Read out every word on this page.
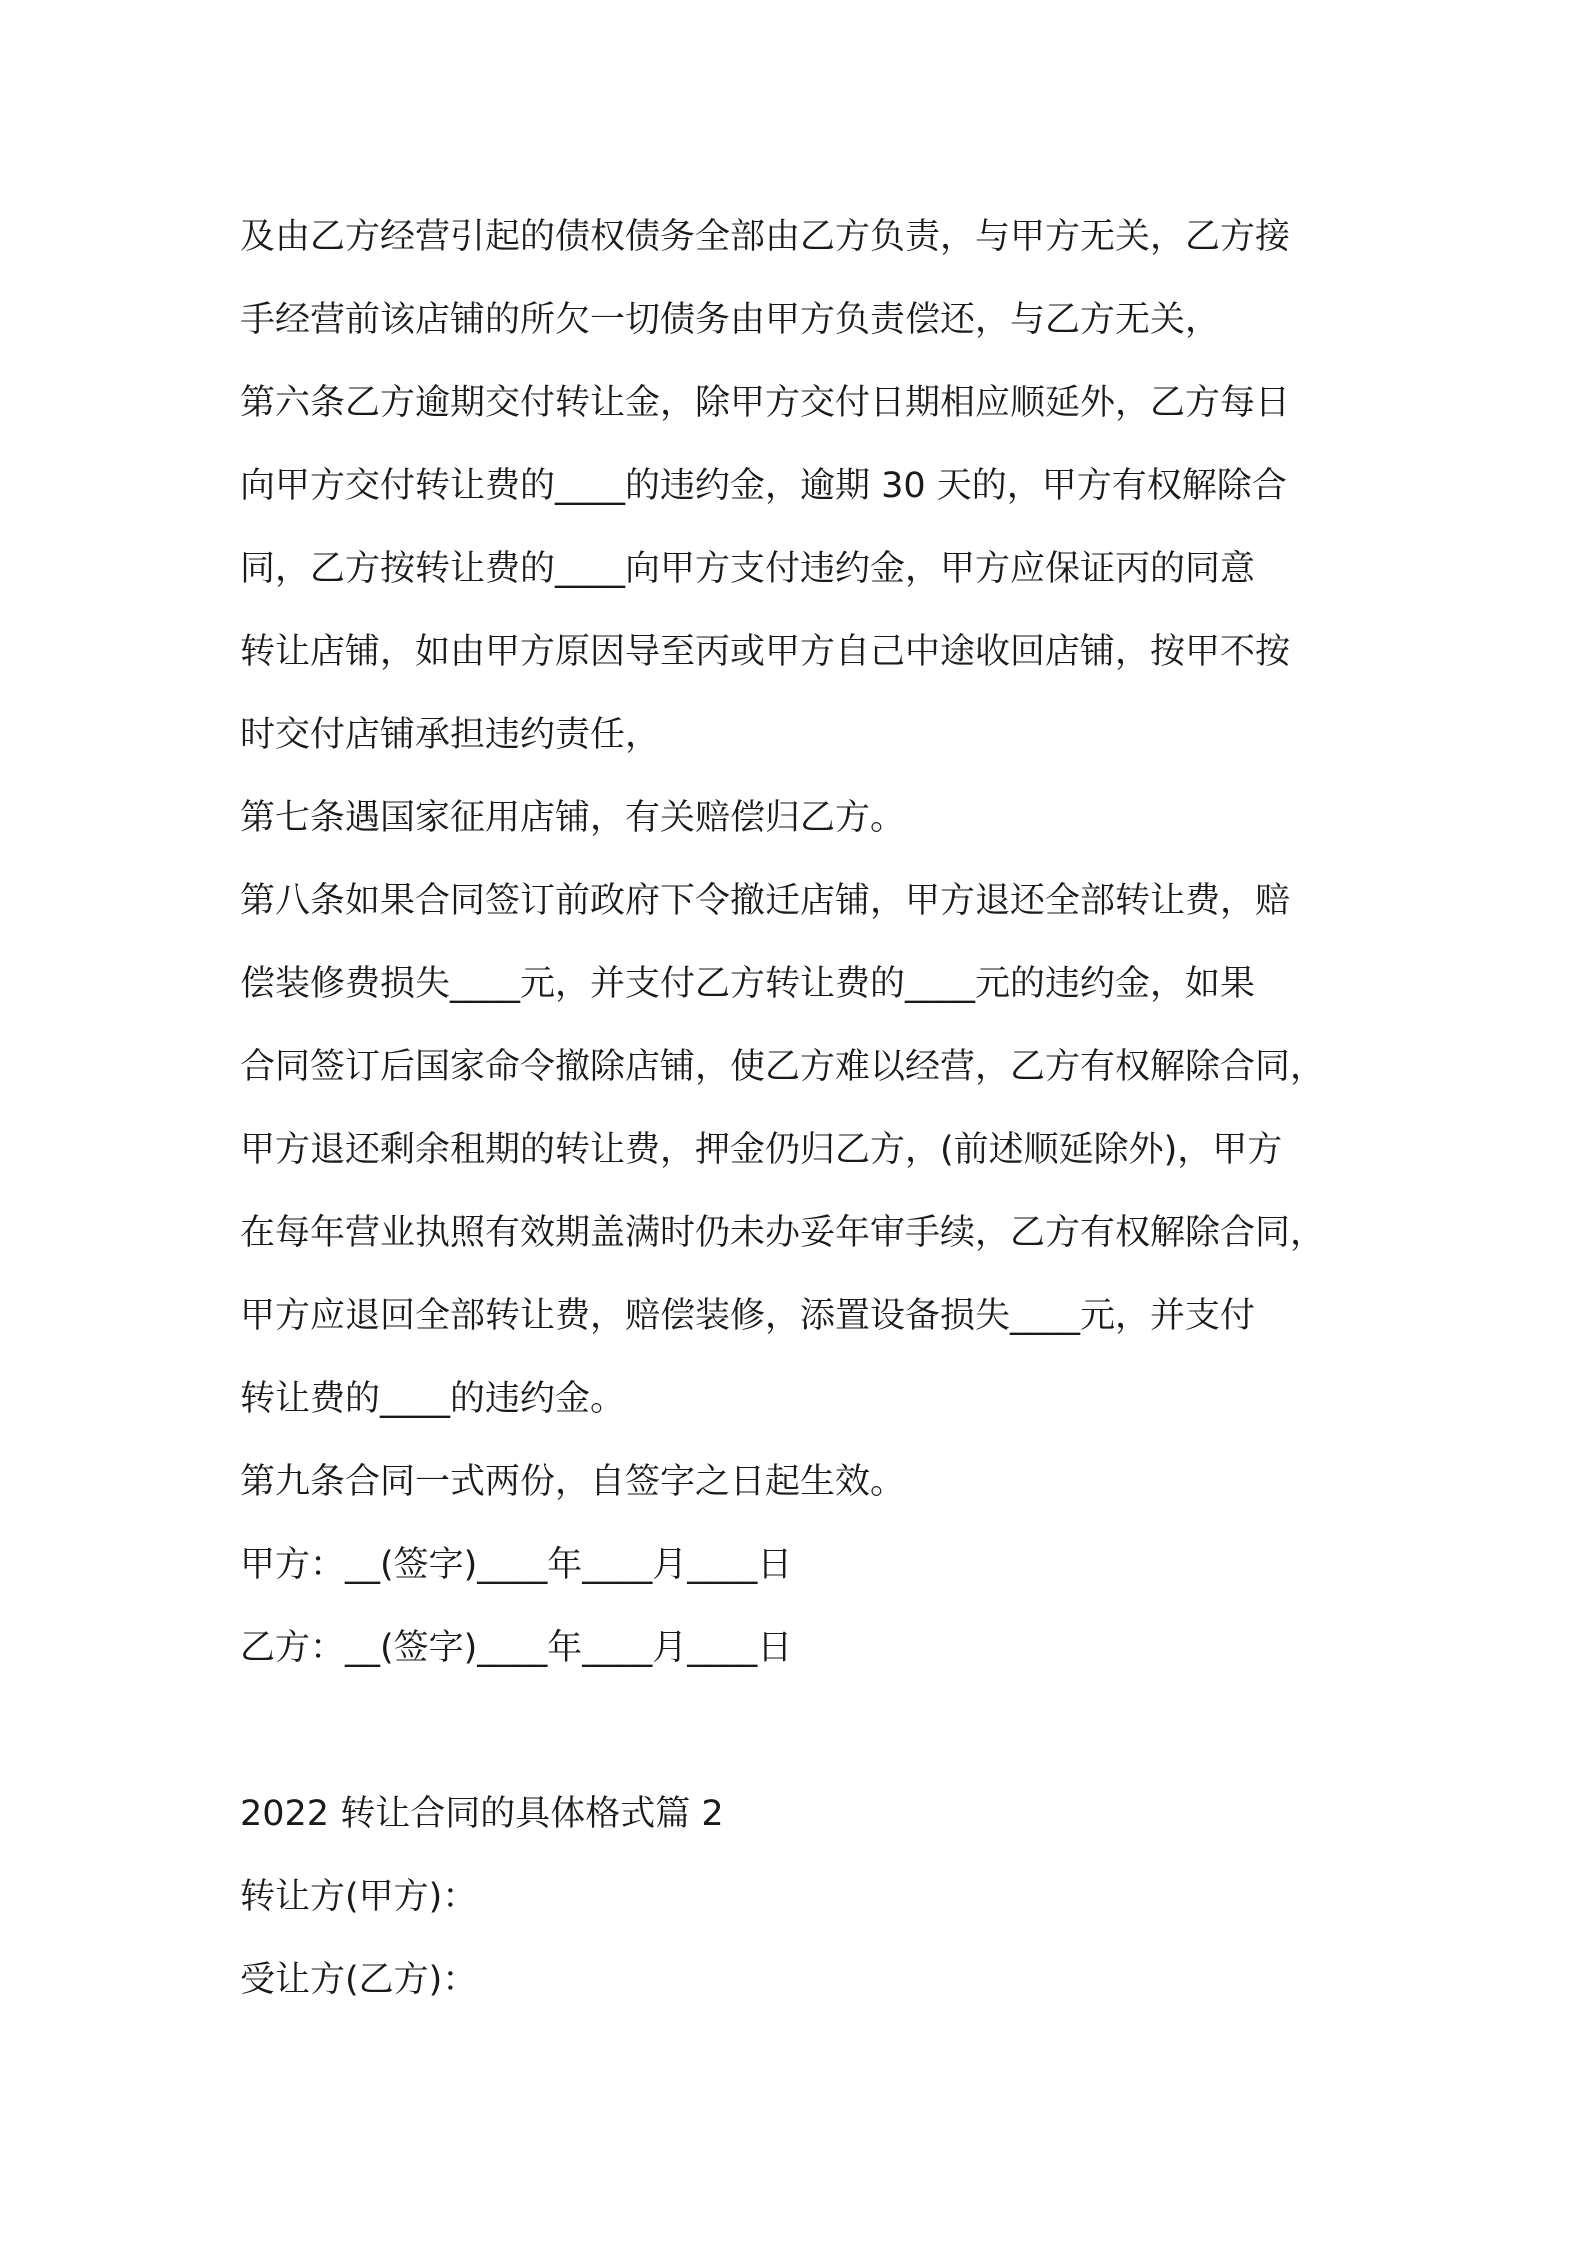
及由乙方经营引起的债权债务全部由乙方负责，与甲方无关，乙方接
手经营前该店铺的所欠一切债务由甲方负责偿还，与乙方无关，
第六条乙方逾期交付转让金，除甲方交付日期相应顺延外，乙方每日
向甲方交付转让费的____的违约金，逾期 30 天的，甲方有权解除合
同，乙方按转让费的____向甲方支付违约金，甲方应保证丙的同意
转让店铺，如由甲方原因导至丙或甲方自己中途收回店铺，按甲不按
时交付店铺承担违约责任，
第七条遇国家征用店铺，有关赔偿归乙方。
第八条如果合同签订前政府下令撤迁店铺，甲方退还全部转让费，赔
偿装修费损失____元，并支付乙方转让费的____元的违约金，如果
合同签订后国家命令撤除店铺，使乙方难以经营，乙方有权解除合同，
甲方退还剩余租期的转让费，押金仍归乙方，(前述顺延除外)，甲方
在每年营业执照有效期盖满时仍未办妥年审手续，乙方有权解除合同，
甲方应退回全部转让费，赔偿装修，添置设备损失____元，并支付
转让费的____的违约金。
第九条合同一式两份，自签字之日起生效。
甲方：__(签字)____年____月____日
乙方：__(签字)____年____月____日
2022 转让合同的具体格式篇 2
转让方(甲方)：
受让方(乙方)：
